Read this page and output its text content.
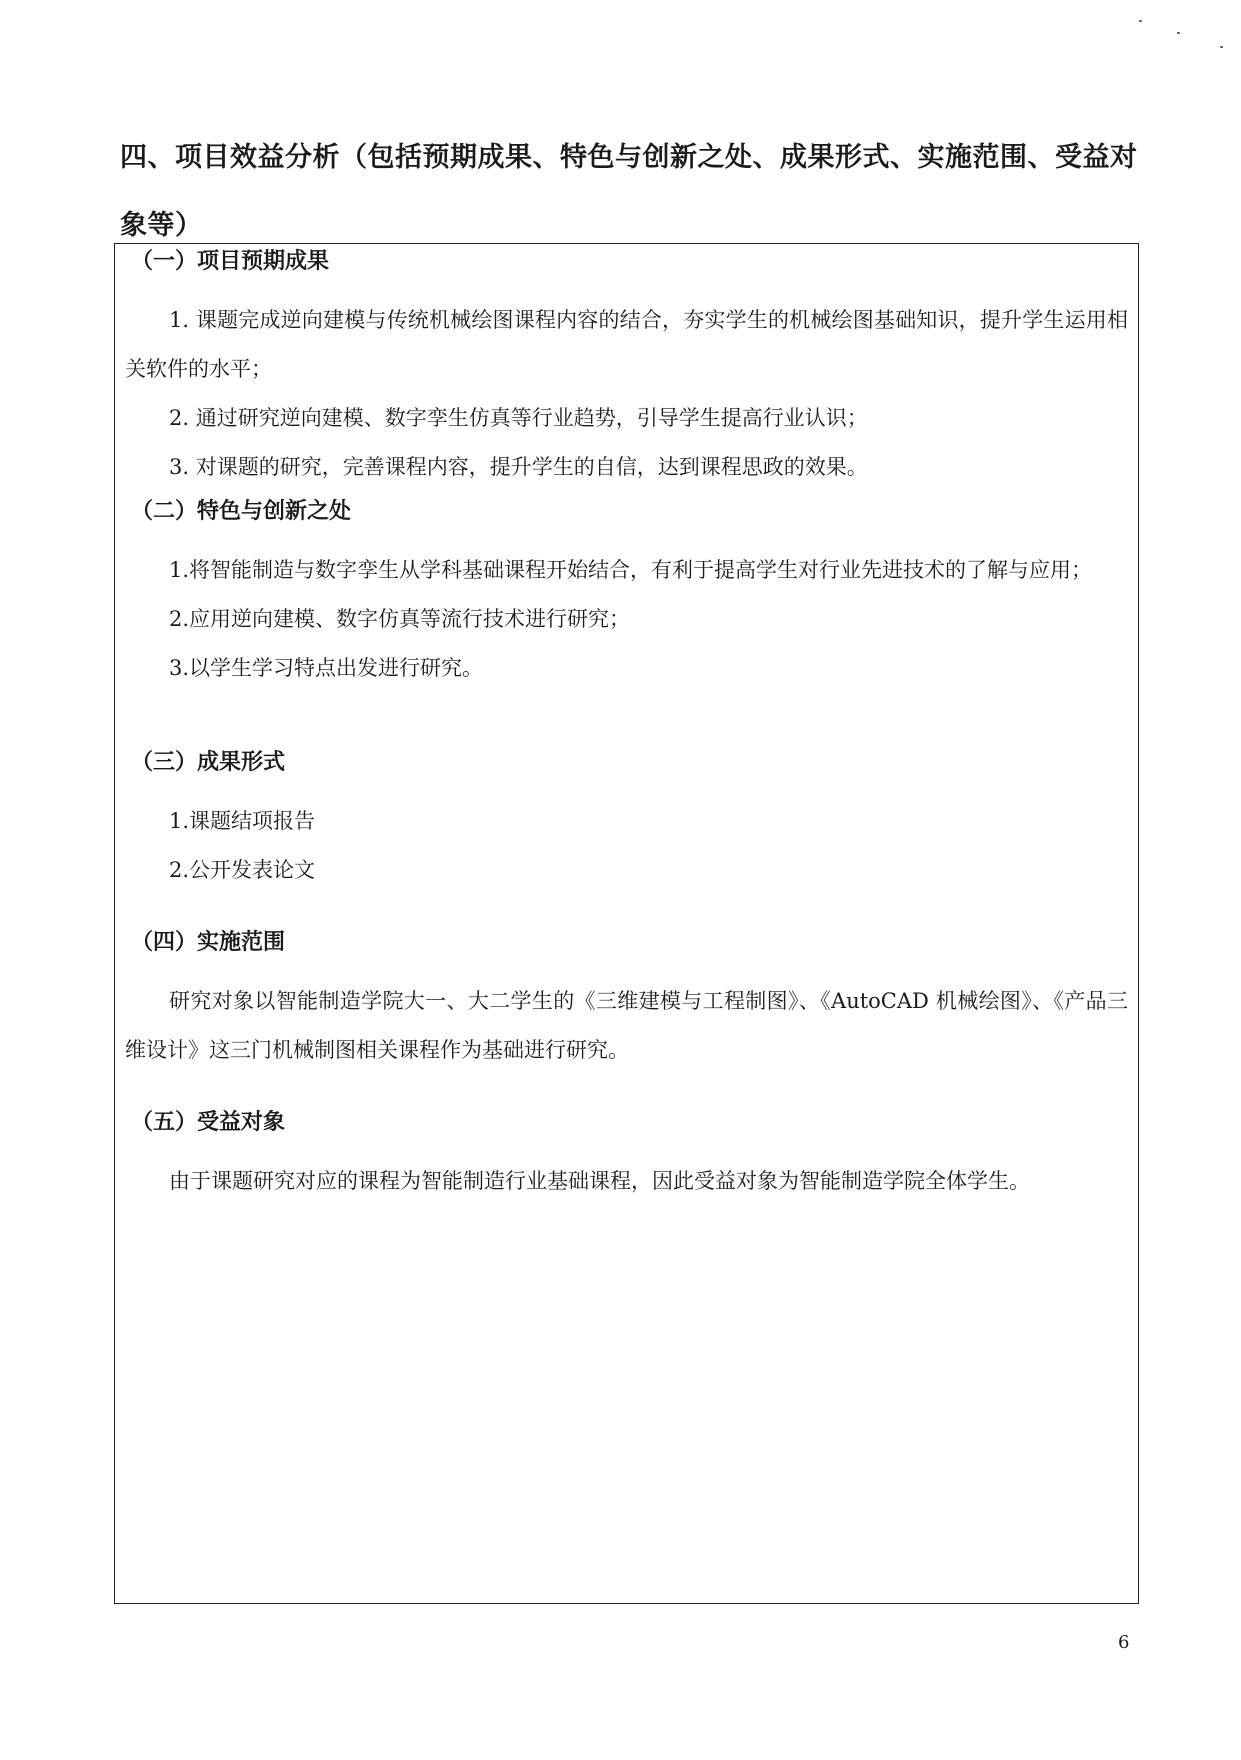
四、项目效益分析（包括预期成果、特色与创新之处、成果形式、实施范围、受益对象等）
（一）项目预期成果

1. 课题完成逆向建模与传统机械绘图课程内容的结合，夯实学生的机械绘图基础知识，提升学生运用相关软件的水平；

2. 通过研究逆向建模、数字孪生仿真等行业趋势，引导学生提高行业认识；

3. 对课题的研究，完善课程内容，提升学生的自信，达到课程思政的效果。

（二）特色与创新之处

1.将智能制造与数字孪生从学科基础课程开始结合，有利于提高学生对行业先进技术的了解与应用；

2.应用逆向建模、数字仿真等流行技术进行研究；

3.以学生学习特点出发进行研究。

（三）成果形式

1.课题结项报告

2.公开发表论文

（四）实施范围

研究对象以智能制造学院大一、大二学生的《三维建模与工程制图》、《AutoCAD 机械绘图》、《产品三维设计》这三门机械制图相关课程作为基础进行研究。

（五）受益对象

由于课题研究对应的课程为智能制造行业基础课程，因此受益对象为智能制造学院全体学生。

6
